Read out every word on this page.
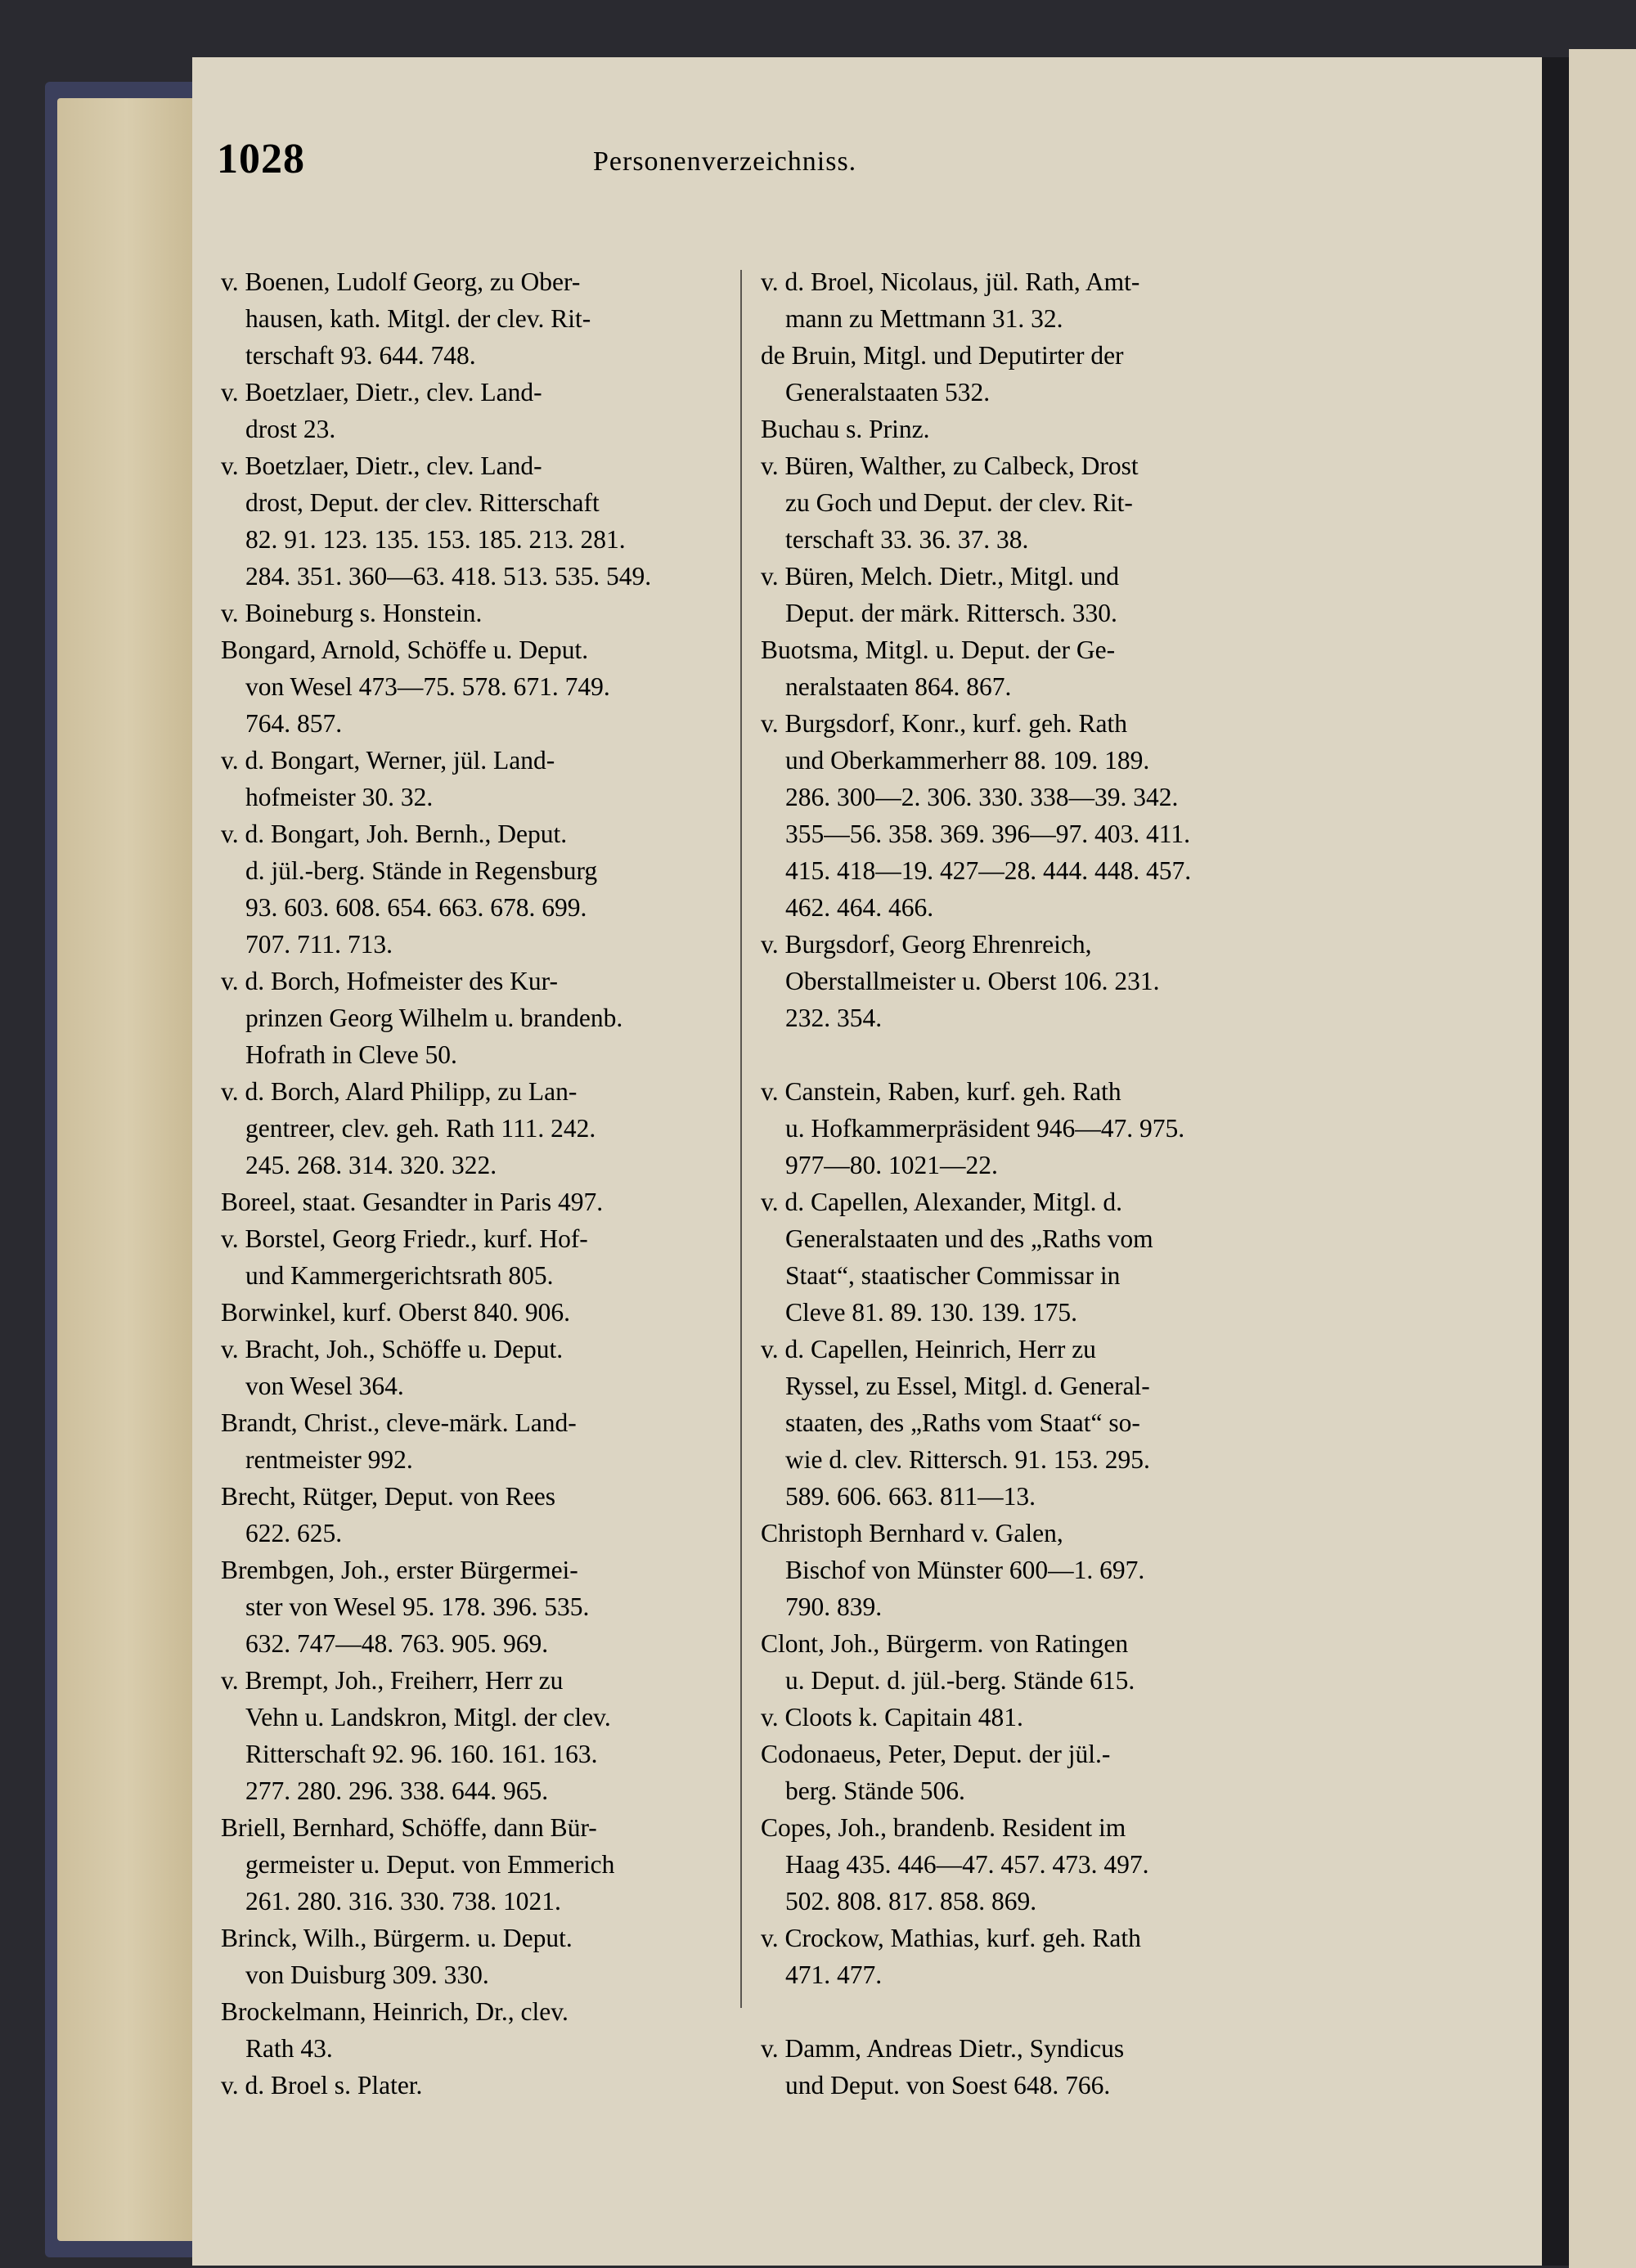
1028	Personenverzeichniss.
v. Boenen, Ludolf Georg, zu Ober-
hausen, kath. Mitgl. der clev. Rit-
terschaft 93. 644. 748.
v. Boetzlaer, Dietr., clev. Land-
drost 23.
v. Boetzlaer, Dietr., clev. Land-
drost, Deput. der clev. Ritterschaft
82. 91. 123. 135. 153. 185. 213. 281.
284. 351. 360—63. 418. 513. 535. 549.
v. Boineburg s. Honstein.
Bongard, Arnold, Schöffe u. Deput.
von Wesel 473—75. 578. 671. 749.
764. 857.
v. d. Bongart, Werner, jül. Land-
hofmeister 30. 32.
v. d. Bongart, Joh. Bernh., Deput.
d. jül.-berg. Stände in Regensburg
93. 603. 608. 654. 663. 678. 699.
707. 711. 713.
v. d. Borch, Hofmeister des Kur-
prinzen Georg Wilhelm u. brandenb.
Hofrath in Cleve 50.
v. d. Borch, Alard Philipp, zu Lan-
gentreer, clev. geh. Rath 111. 242.
245. 268. 314. 320. 322.
Boreel, staat. Gesandter in Paris 497.
v. Borstel, Georg Friedr., kurf. Hof-
und Kammergerichtsrath 805.
Borwinkel, kurf. Oberst 840. 906.
v. Bracht, Joh., Schöffe u. Deput.
von Wesel 364.
Brandt, Christ., cleve-märk. Land-
rentmeister 992.
Brecht, Rütger, Deput. von Rees
622. 625.
Brembgen, Joh., erster Bürgermei-
ster von Wesel 95. 178. 396. 535.
632. 747—48. 763. 905. 969.
v. Brempt, Joh., Freiherr, Herr zu
Vehn u. Landskron, Mitgl. der clev.
Ritterschaft 92. 96. 160. 161. 163.
277. 280. 296. 338. 644. 965.
Briell, Bernhard, Schöffe, dann Bür-
germeister u. Deput. von Emmerich
261. 280. 316. 330. 738. 1021.
Brinck, Wilh., Bürgerm. u. Deput.
von Duisburg 309. 330.
Brockelmann, Heinrich, Dr., clev.
Rath 43.
v. d. Broel s. Plater.
v. d. Broel, Nicolaus, jül. Rath, Amt-
mann zu Mettmann 31. 32.
de Bruin, Mitgl. und Deputirter der
Generalstaaten 532.
Buchau s. Prinz.
v. Büren, Walther, zu Calbeck, Drost
zu Goch und Deput. der clev. Rit-
terschaft 33. 36. 37. 38.
v. Büren, Melch. Dietr., Mitgl. und
Deput. der märk. Rittersch. 330.
Buotsma, Mitgl. u. Deput. der Ge-
neralstaaten 864. 867.
v. Burgsdorf, Konr., kurf. geh. Rath
und Oberkammerherr 88. 109. 189.
286. 300—2. 306. 330. 338—39. 342.
355—56. 358. 369. 396—97. 403. 411.
415. 418—19. 427—28. 444. 448. 457.
462. 464. 466.
v. Burgsdorf, Georg Ehrenreich,
Oberstallmeister u. Oberst 106. 231.
232. 354.
v. Canstein, Raben, kurf. geh. Rath
u. Hofkammerpräsident 946—47. 975.
977—80. 1021—22.
v. d. Capellen, Alexander, Mitgl. d.
Generalstaaten und des „Raths vom
Staat“, staatischer Commissar in
Cleve 81. 89. 130. 139. 175.
v. d. Capellen, Heinrich, Herr zu
Ryssel, zu Essel, Mitgl. d. General-
staaten, des „Raths vom Staat“ so-
wie d. clev. Rittersch. 91. 153. 295.
589. 606. 663. 811—13.
Christoph Bernhard v. Galen,
Bischof von Münster 600—1. 697.
790. 839.
Clont, Joh., Bürgerm. von Ratingen
u. Deput. d. jül.-berg. Stände 615.
v. Cloots k. Capitain 481.
Codonaeus, Peter, Deput. der jül.-
berg. Stände 506.
Copes, Joh., brandenb. Resident im
Haag 435. 446—47. 457. 473. 497.
502. 808. 817. 858. 869.
v. Crockow, Mathias, kurf. geh. Rath
471. 477.
v. Damm, Andreas Dietr., Syndicus
und Deput. von Soest 648. 766.
